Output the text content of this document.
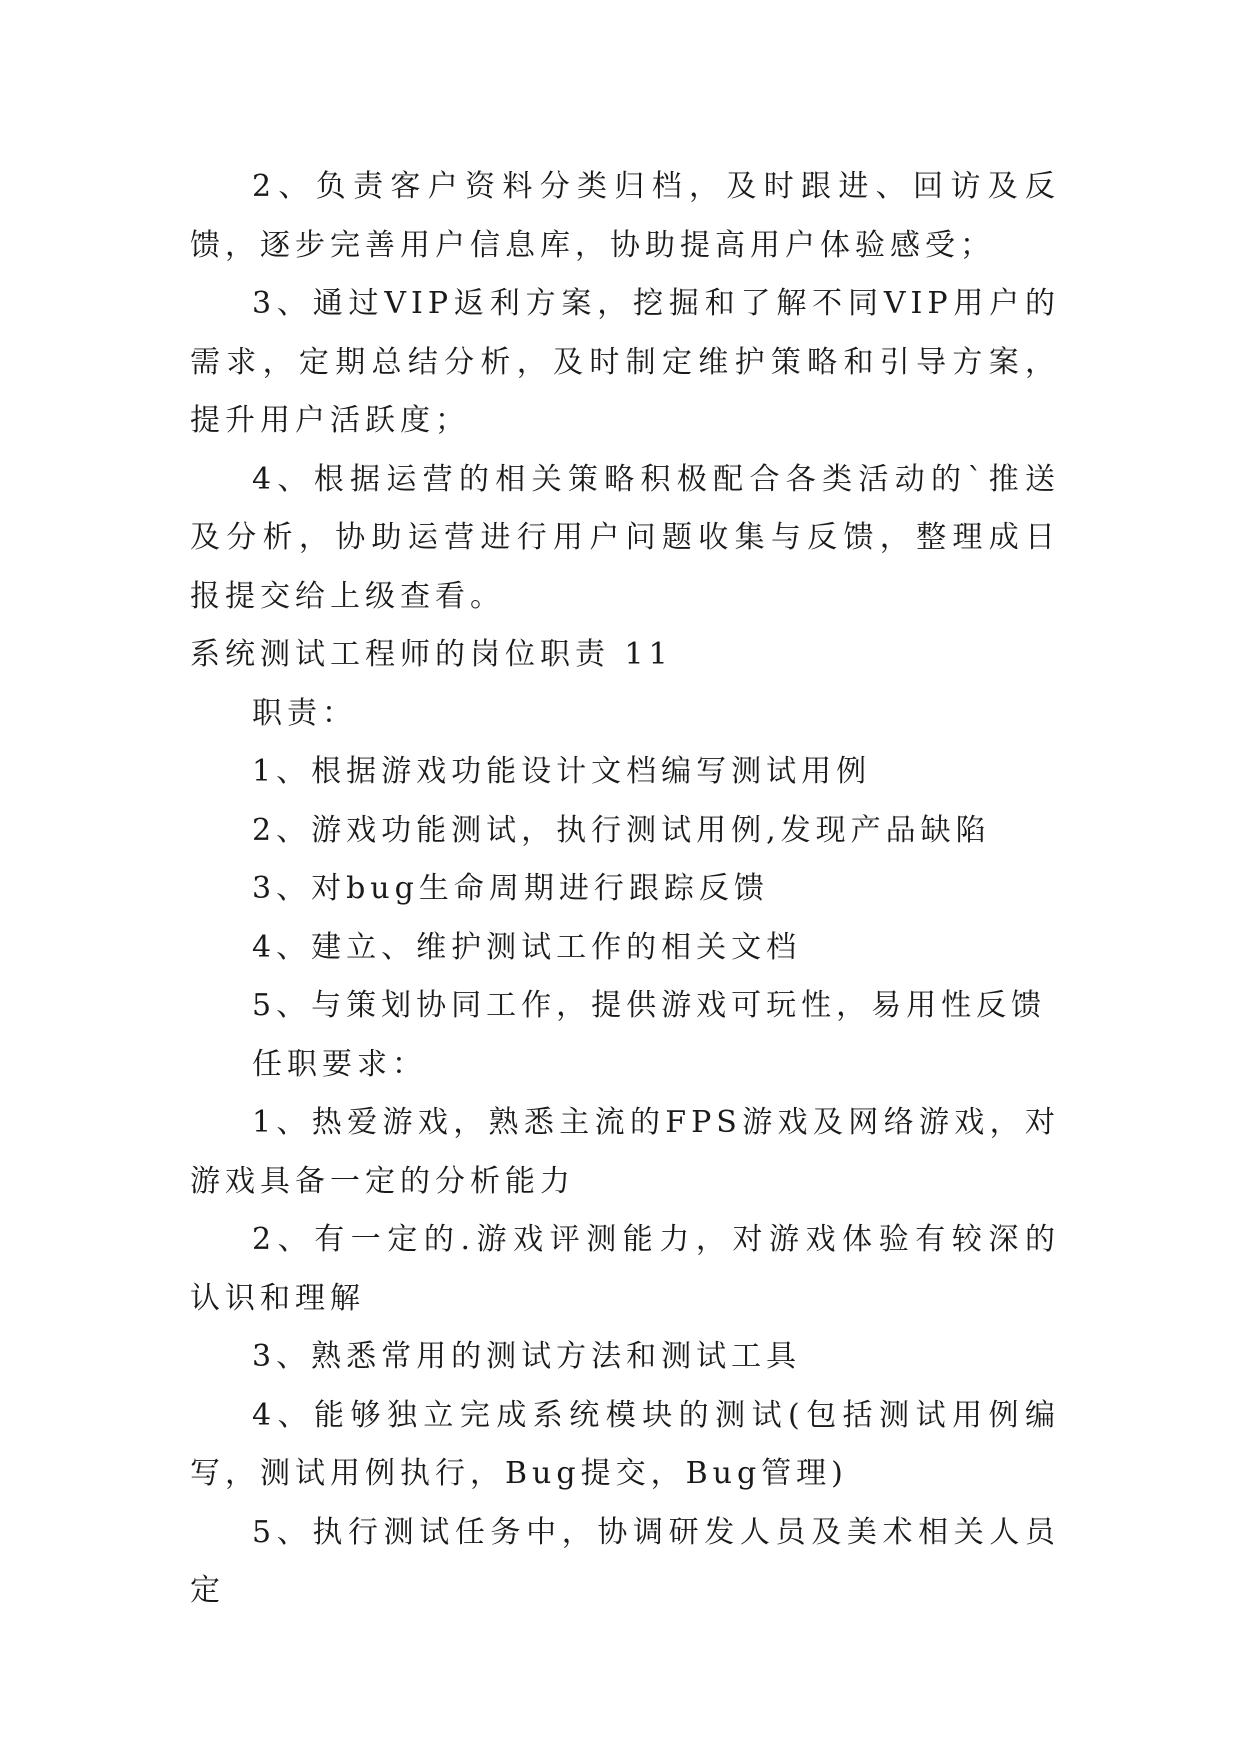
2、负责客户资料分类归档，及时跟进、回访及反馈，逐步完善用户信息库，协助提高用户体验感受；

3、通过VIP返利方案，挖掘和了解不同VIP用户的需求，定期总结分析，及时制定维护策略和引导方案，提升用户活跃度；

4、根据运营的相关策略积极配合各类活动的`推送及分析，协助运营进行用户问题收集与反馈，整理成日报提交给上级查看。

系统测试工程师的岗位职责 11

职责：

1、根据游戏功能设计文档编写测试用例

2、游戏功能测试，执行测试用例,发现产品缺陷

3、对bug生命周期进行跟踪反馈

4、建立、维护测试工作的相关文档

5、与策划协同工作，提供游戏可玩性，易用性反馈

任职要求：

1、热爱游戏，熟悉主流的FPS游戏及网络游戏，对游戏具备一定的分析能力

2、有一定的.游戏评测能力，对游戏体验有较深的认识和理解

3、熟悉常用的测试方法和测试工具

4、能够独立完成系统模块的测试(包括测试用例编写，测试用例执行，Bug提交，Bug管理)

5、执行测试任务中，协调研发人员及美术相关人员定
